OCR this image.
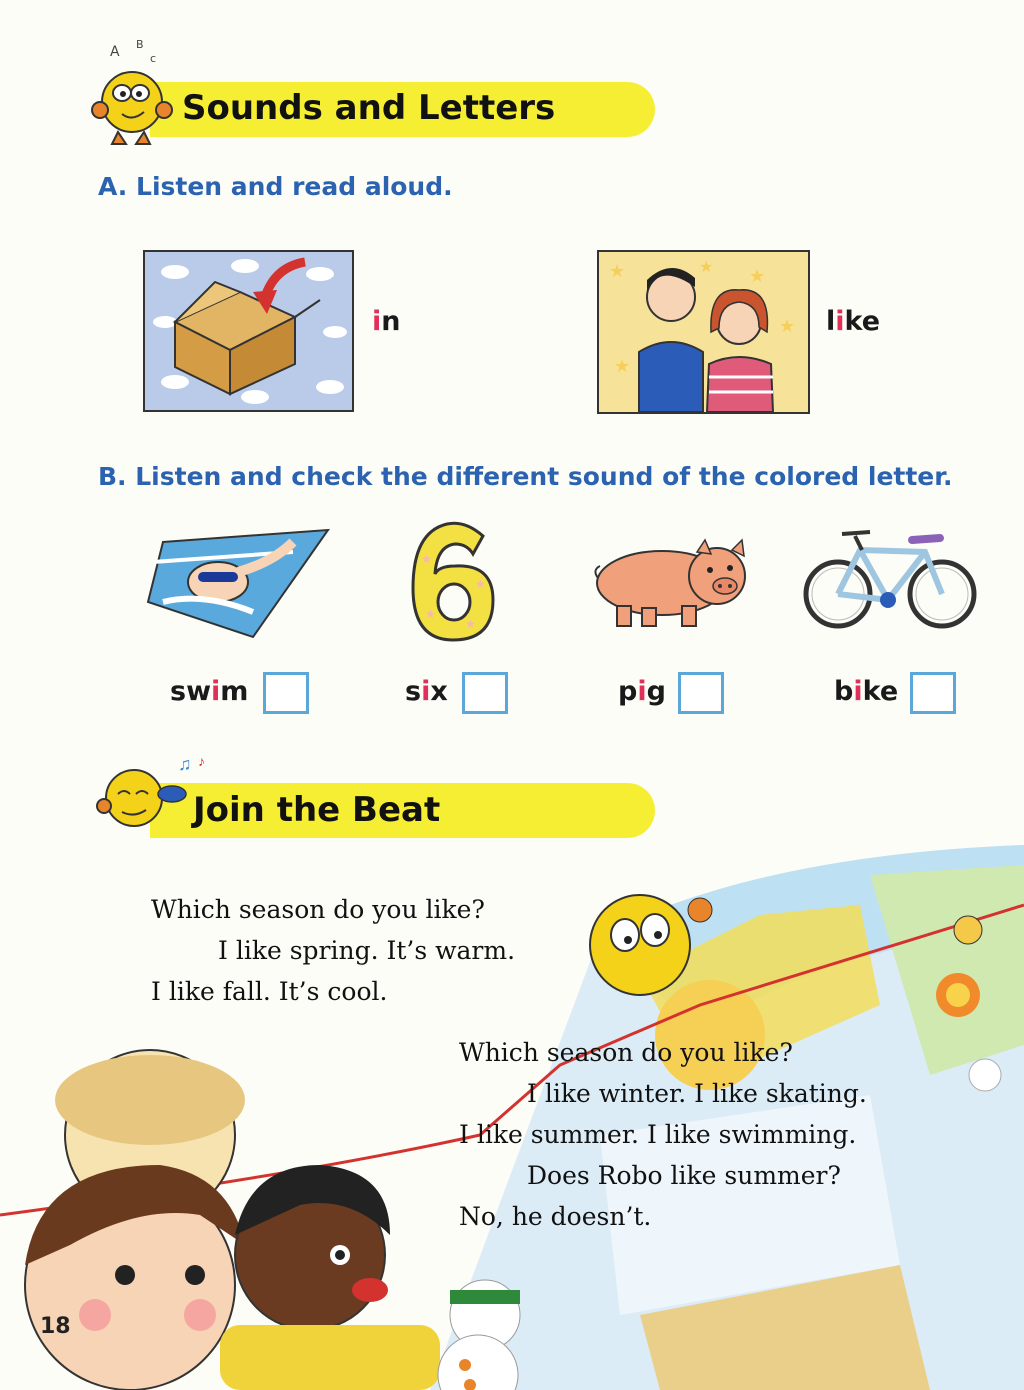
A B
c
Sounds and Letters
A. Listen and read aloud.
in
★	★
★
★
★
like
B. Listen and check the different sound of the colored letter.
★
★
★
★
swim	six	pig	bike
♫ ♪
Join the Beat
Which season do you like?
I like spring. It’s warm.
I like fall. It’s cool.
Which season do you like?
I like winter. I like skating.
I like summer. I like swimming.
Does Robo like summer?
No, he doesn’t.
18
